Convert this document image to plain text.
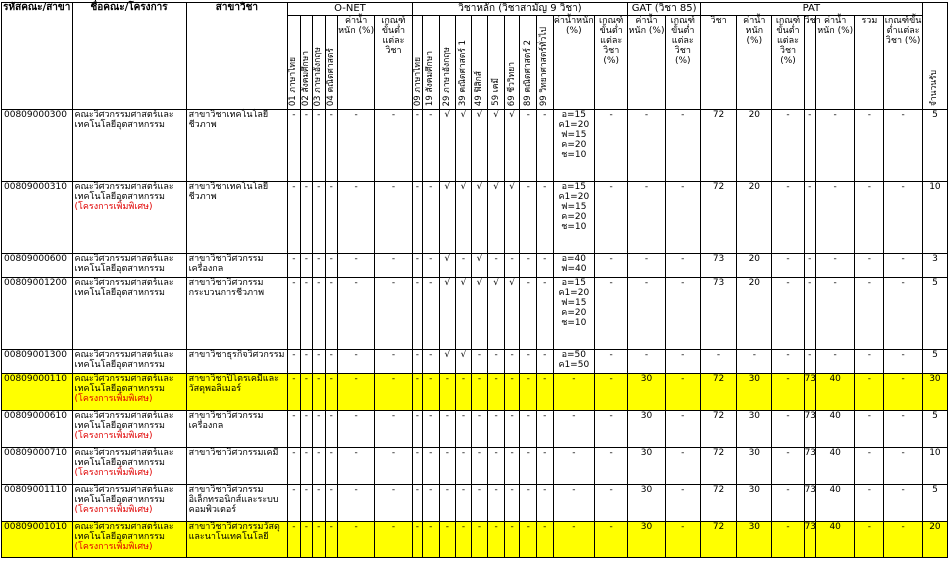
รหัสคณะ/สาขา	ชื่อคณะ/โครงการ	สาขาวิชา	O-NET						วิชาหลัก (วิชาสามัญ 9 วิชา)											GAT (วิชา 85)		PAT							จำนวนรับ
			01 ภาษาไทย	02 สังคมศึกษา	03 ภาษาอังกฤษ	04 คณิตศาสตร์	ค่าน้ำหนัก (%)	เกณฑ์ขั้นต่ำแต่ละวิชา	09 ภาษาไทย	19 สังคมศึกษา	29 ภาษาอังกฤษ	39 คณิตศาสตร์ 1	49 ฟิสิกส์	59 เคมี	69 ชีววิทยา	89 คณิตศาสตร์ 2	99 วิทยาศาสตร์ทั่วไป	ค่าน้ำหนัก (%)	เกณฑ์ขั้นต่ำแต่ละวิชา (%)	ค่าน้ำหนัก (%)	เกณฑ์ขั้นต่ำแต่ละวิชา (%)	วิชา	ค่าน้ำหนัก (%)	เกณฑ์ขั้นต่ำแต่ละวิชา (%)	วิชา	ค่าน้ำหนัก (%)	รวม	เกณฑ์ขั้นต่ำแต่ละวิชา (%)	
00809000300	คณะวิศวกรรมศาสตร์และเทคโนโลยีอุตสาหกรรม	สาขาวิชาเทคโนโลยีชีวภาพ	-	-	-	-	-	-	-	-	√	√	√	√	√	-	-	อ=15
ค1=20
ฟ=15
ค=20
ช=10	-	-	-	72	20	-	-	-	-	-	5
00809000310	คณะวิศวกรรมศาสตร์และเทคโนโลยีอุตสาหกรรม
(โครงการเพิ่มพิเศษ)	สาขาวิชาเทคโนโลยีชีวภาพ	-	-	-	-	-	-	-	-	√	√	√	√	√	-	-	อ=15
ค1=20
ฟ=15
ค=20
ช=10	-	-	-	72	20	-	-	-	-	-	10
00809000600	คณะวิศวกรรมศาสตร์และเทคโนโลยีอุตสาหกรรม	สาขาวิชาวิศวกรรมเครื่องกล	-	-	-	-	-	-	-	-	√	-	√	-	-	-	-	อ=40
ฟ=40	-	-	-	73	20	-	-	-	-	-	3
00809001200	คณะวิศวกรรมศาสตร์และเทคโนโลยีอุตสาหกรรม	สาขาวิชาวิศวกรรมกระบวนการชีวภาพ	-	-	-	-	-	-	-	-	√	√	√	√	√	-	-	อ=15
ค1=20
ฟ=15
ค=20
ช=10	-	-	-	73	20	-	-	-	-	-	5
00809001300	คณะวิศวกรรมศาสตร์และเทคโนโลยีอุตสาหกรรม	สาขาวิชาธุรกิจวิศวกรรม	-	-	-	-	-	-	-	-	√	√	-	-	-	-	-	อ=50
ค1=50	-	-	-	-	-	-	-	-	-	-	5
00809000110	คณะวิศวกรรมศาสตร์และเทคโนโลยีอุตสาหกรรม
(โครงการเพิ่มพิเศษ)	สาขาวิชาปิโตรเคมีและวัสดุพอลิเมอร์	-	-	-	-	-	-	-	-	-	-	-	-	-	-	-	-	-	30	-	72	30	-	73	40	-	-	30
00809000610	คณะวิศวกรรมศาสตร์และเทคโนโลยีอุตสาหกรรม
(โครงการเพิ่มพิเศษ)	สาขาวิชาวิศวกรรมเครื่องกล	-	-	-	-	-	-	-	-	-	-	-	-	-	-	-	-	-	30	-	72	30	-	73	40	-	-	5
00809000710	คณะวิศวกรรมศาสตร์และเทคโนโลยีอุตสาหกรรม
(โครงการเพิ่มพิเศษ)	สาขาวิชาวิศวกรรมเคมี	-	-	-	-	-	-	-	-	-	-	-	-	-	-	-	-	-	30	-	72	30	-	73	40	-	-	10
00809001110	คณะวิศวกรรมศาสตร์และเทคโนโลยีอุตสาหกรรม
(โครงการเพิ่มพิเศษ)	สาขาวิชาวิศวกรรมอิเล็กทรอนิกส์และระบบคอมพิวเตอร์	-	-	-	-	-	-	-	-	-	-	-	-	-	-	-	-	-	30	-	72	30	-	73	40	-	-	5
00809001010	คณะวิศวกรรมศาสตร์และเทคโนโลยีอุตสาหกรรม
(โครงการเพิ่มพิเศษ)	สาขาวิชาวิศวกรรมวัสดุและนาโนเทคโนโลยี	-	-	-	-	-	-	-	-	-	-	-	-	-	-	-	-	-	30	-	72	30	-	73	40	-	-	20
